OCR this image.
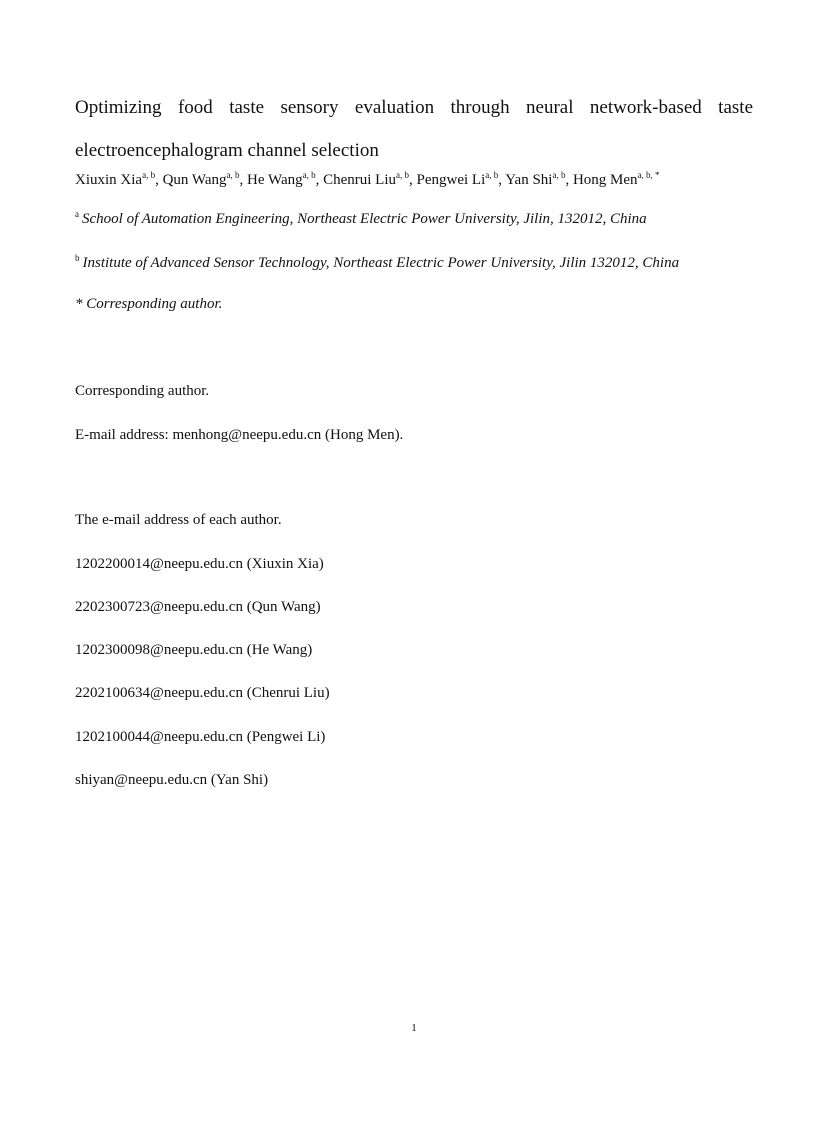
Optimizing food taste sensory evaluation through neural network-based taste electroencephalogram channel selection
Xiuxin Xia$^{a, b}$, Qun Wang$^{a, b}$, He Wang$^{a, b}$, Chenrui Liu$^{a, b}$, Pengwei Li$^{a, b}$, Yan Shi$^{a, b}$, Hong Men$^{a, b, *}$
$^a$ School of Automation Engineering, Northeast Electric Power University, Jilin, 132012, China
$^b$ Institute of Advanced Sensor Technology, Northeast Electric Power University, Jilin 132012, China
* Corresponding author.
Corresponding author.
E-mail address: menhong@neepu.edu.cn (Hong Men).
The e-mail address of each author.
1202200014@neepu.edu.cn (Xiuxin Xia)
2202300723@neepu.edu.cn (Qun Wang)
1202300098@neepu.edu.cn (He Wang)
2202100634@neepu.edu.cn (Chenrui Liu)
1202100044@neepu.edu.cn (Pengwei Li)
shiyan@neepu.edu.cn (Yan Shi)
1
